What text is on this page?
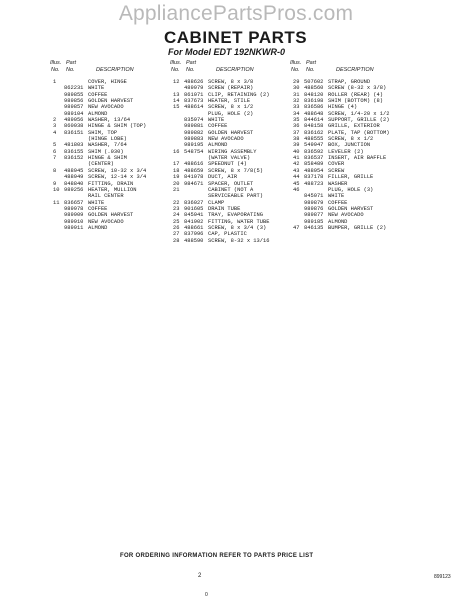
AppliancePartsPros.com
CABINET PARTS
For Model EDT 192NKWR-0
Illus.
No.
Part
No.	DESCRIPTION
1	COVER, HINGE
862231 WHITE
989855 COFFEE
989856 GOLDEN HARVEST
989857 NEW AVOCADO
989104 ALMOND
2 489056 WASHER, 13/64
3 860038 HINGE & SHIM (TOP)
4 836151 SHIM, TOP
(HINGE LOBE)
5 481803 WASHER, 7/64
6 836155 SHIM (.030)
7 836152 HINGE & SHIM
(CENTER)
8 488945 SCREW, 10-32 x 3/4
488949 SCREW, 12-14 x 3/4
9 848840 FITTING, DRAIN
10 989256 HEATER, MULLION
RAIL CENTER
11 836657 WHITE
989978 COFFEE
989909 GOLDEN HARVEST
989910 NEW AVOCADO
989911 ALMOND
Illus.
No.
Part
No.	DESCRIPTION
12 488626 SCREW, 8 x 3/8
489979 SCREW (REPAIR)
13 861071 CLIP, RETAINING (2)
14 837673 HEATER, STILE
15 488614 SCREW, 8 x 1/2
PLUG, HOLE (2)
835974 WHITE
989881 COFFEE
989882 GOLDEN HARVEST
989883 NEW AVOCADO
989195 ALMOND
16 548754 WIRING ASSEMBLY
(WATER VALVE)
17 488616 SPEEDNUT (4)
18 488659 SCREW, 8 x 7/8(5)
19 841078 DUCT, AIR
20 984671 SPACER, OUTLET
21	CABINET (NOT A
SERVICEABLE PART)
22 836027 CLAMP
23 901605 DRAIN TUBE
24 845941 TRAY, EVAPORATING
25 841902 FITTING, WATER TUBE
26 488661 SCREW, 8 x 3/4 (3)
27 837996 CAP, PLASTIC
28 488590 SCREW, 8-32 x 13/16
Illus.
No.
Part
No.	DESCRIPTION
29 507602 STRAP, GROUND
30 488560 SCREW (8-32 x 3/8)
31 848120 ROLLER (REAR) (4)
32 836198 SHIM (BOTTOM) (8)
33 836586 HINGE (4)
34 488648 SCREW, 1/4-20 x 1/2
35 844614 SUPPORT, GRILLE (2)
36 848158 GRILLE, EXTERIOR
37 836162 PLATE, TAP (BOTTOM)
38 488555 SCREW, 8 x 1/2
39 549947 BOX, JUNCTION
40 836592 LEVELER (2)
41 836537 INSERT, AIR BAFFLE
42 858489 COVER
43 488954 SCREW
44 837178 FILLER, GRILLE
45 488723 WASHER
46	PLUG, HOLE (3)
845071 WHITE
989879 COFFEE
989876 GOLDEN HARVEST
989877 NEW AVOCADO
989185 ALMOND
47 846135 BUMPER, GRILLE (2)
FOR ORDERING INFORMATION REFER TO PARTS PRICE LIST
2	899123
0
